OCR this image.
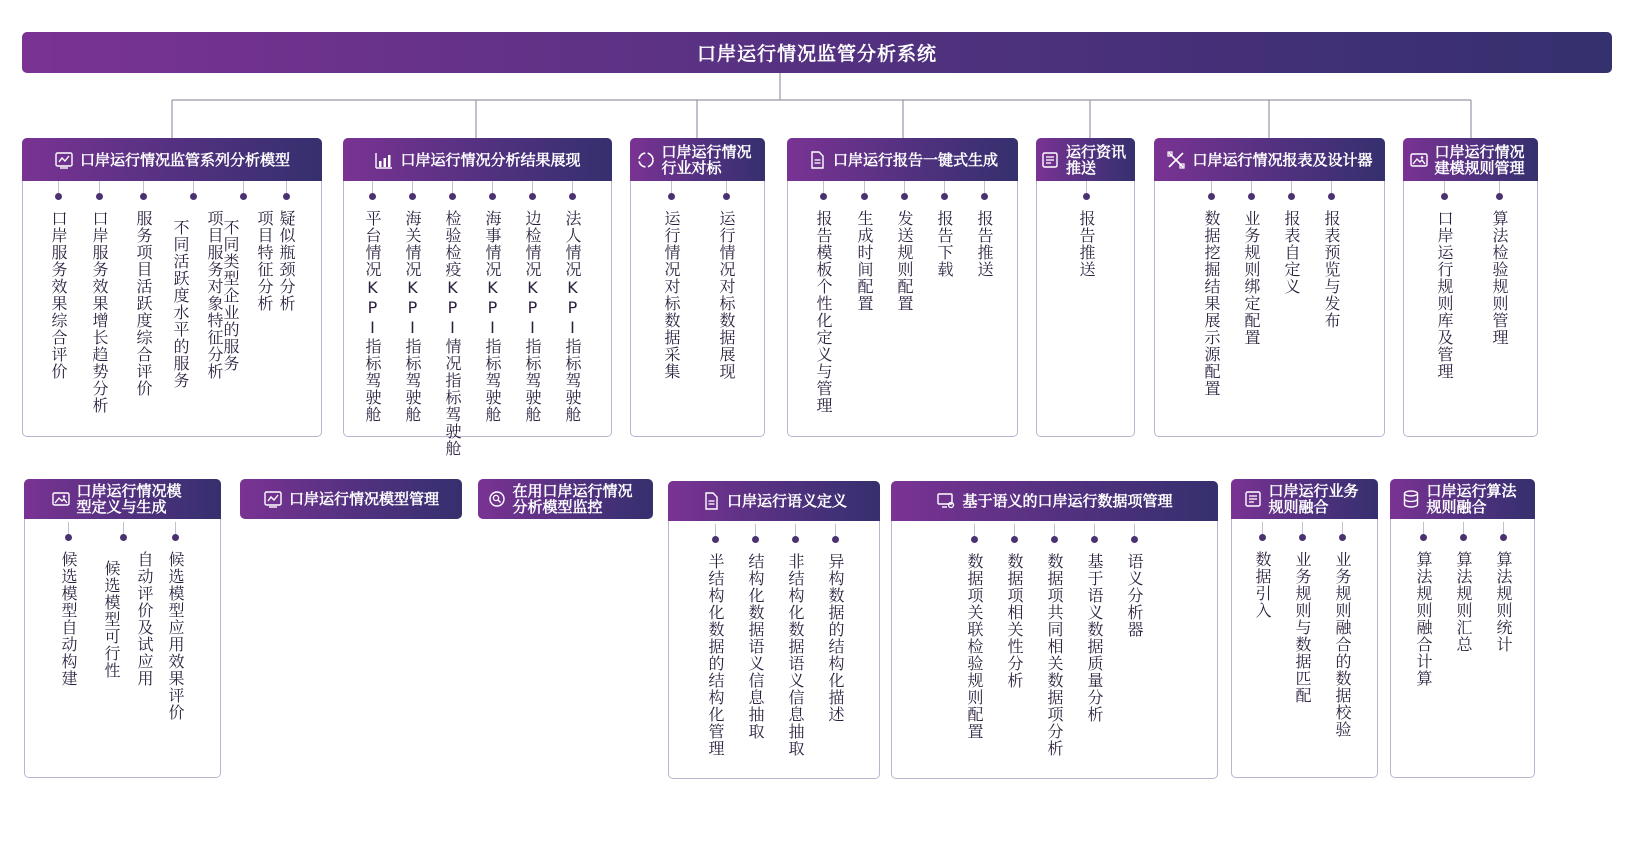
口岸运行情况监管分析系统
口岸运行情况监管系列分析模型
口岸服务效果综合评价 口岸服务效果增长趋势分析 服务项目活跃度综合评价	项目服务对象特征分析	项目特征分析 疑似瓶颈分析
不同活跃度水平的服务 不同类型企业的服务
口岸运行情况分析结果展现
平台情况KPI指标驾驶舱 海关情况KPI指标驾驶舱 检验检疫KPI情况指标驾驶舱 海事情况KPI指标驾驶舱 边检情况KPI指标驾驶舱 法人情况KPI指标驾驶舱
口岸运行情况行业对标
运行情况对标数据采集 运行情况对标数据展现
口岸运行报告一键式生成
报告模板个性化定义与管理 生成时间配置 发送规则配置 报告下载 报告推送
运行资讯推送
报告推送
口岸运行情况报表及设计器
数据挖掘结果展示源配置 业务规则绑定配置 报表自定义 报表预览与发布
口岸运行情况建模规则管理
口岸运行规则库及管理 算法检验规则管理
口岸运行情况模型定义与生成
候选模型自动构建	自动评价及试应用 候选模型应用效果评价
候选模型可行性
口岸运行情况模型管理	在用口岸运行情况分析模型监控	口岸运行语义定义
半结构化数据的结构化管理 结构化数据语义信息抽取 非结构化数据语义信息抽取 异构数据的结构化描述
基于语义的口岸运行数据项管理
数据项关联检验规则配置 数据项相关性分析 数据项共同相关数据项分析 基于语义数据质量分析 语义分析器
口岸运行业务规则融合
数据引入 业务规则与数据匹配 业务规则融合的数据校验
口岸运行算法规则融合
算法规则融合计算 算法规则汇总 算法规则统计
